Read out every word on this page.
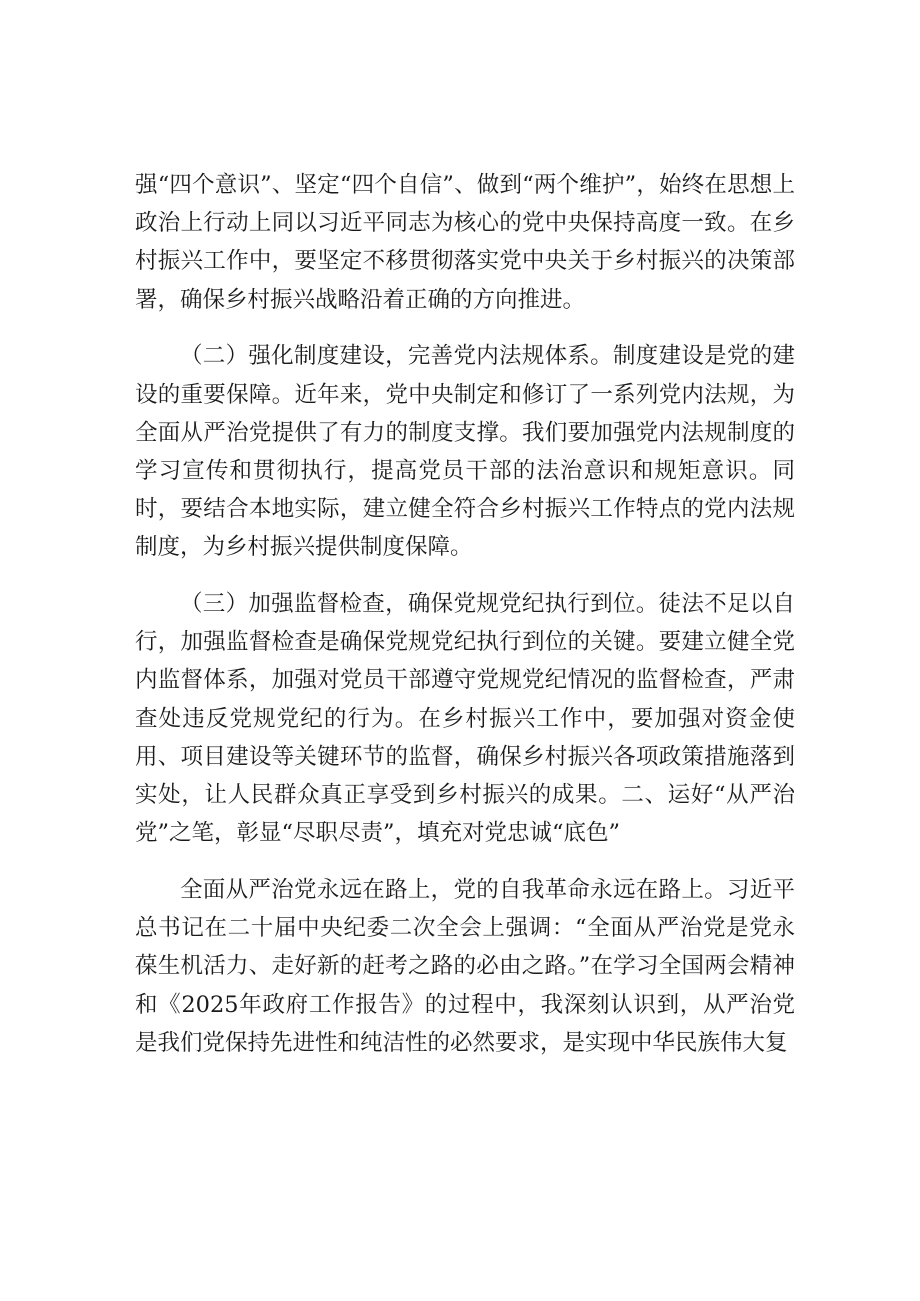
强“四个意识”、坚定“四个自信”、做到“两个维护”，始终在思想上政治上行动上同以习近平同志为核心的党中央保持高度一致。在乡村振兴工作中，要坚定不移贯彻落实党中央关于乡村振兴的决策部署，确保乡村振兴战略沿着正确的方向推进。

（二）强化制度建设，完善党内法规体系。制度建设是党的建设的重要保障。近年来，党中央制定和修订了一系列党内法规，为全面从严治党提供了有力的制度支撑。我们要加强党内法规制度的学习宣传和贯彻执行，提高党员干部的法治意识和规矩意识。同时，要结合本地实际，建立健全符合乡村振兴工作特点的党内法规制度，为乡村振兴提供制度保障。

（三）加强监督检查，确保党规党纪执行到位。徒法不足以自行，加强监督检查是确保党规党纪执行到位的关键。要建立健全党内监督体系，加强对党员干部遵守党规党纪情况的监督检查，严肃查处违反党规党纪的行为。在乡村振兴工作中，要加强对资金使用、项目建设等关键环节的监督，确保乡村振兴各项政策措施落到实处，让人民群众真正享受到乡村振兴的成果。二、运好“从严治党”之笔，彰显“尽职尽责”，填充对党忠诚“底色”

全面从严治党永远在路上，党的自我革命永远在路上。习近平总书记在二十届中央纪委二次全会上强调：“全面从严治党是党永葆生机活力、走好新的赶考之路的必由之路。”在学习全国两会精神和《2025年政府工作报告》的过程中，我深刻认识到，从严治党是我们党保持先进性和纯洁性的必然要求，是实现中华民族伟大复
